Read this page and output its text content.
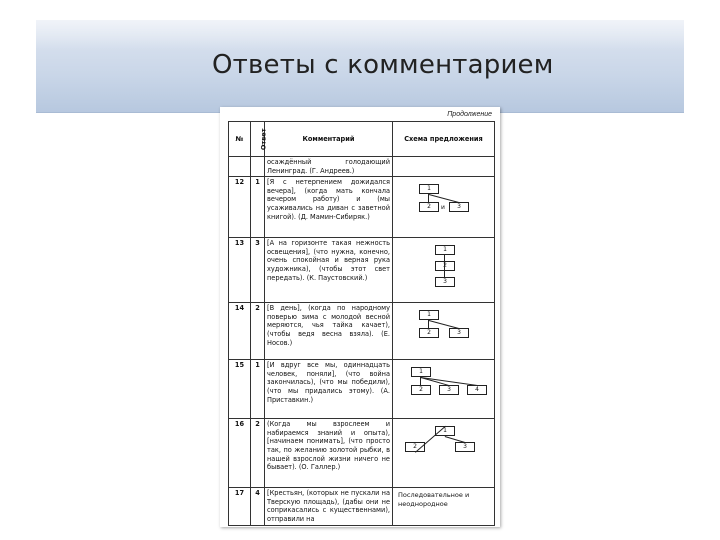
Ответы с комментарием
Продолжение
№	Ответ	Комментарий	Схема предложения
		осаждённый голодающий Ленинград. (Г. Андреев.)	
12	1	[Я с нетерпением дожидался вечера], (когда мать кончала вечером работу) и (мы усаживались на диван с заветной книгой). (Д. Мамин-Сибиряк.)	1
2 3
и

13	3	[А на горизонте такая нежность освещения], (что нужна, конечно, очень спокойная и верная рука художника), (чтобы этот свет передать). (К. Паустовский.)	1
2
3

14	2	[В день], (когда по народному поверью зима с молодой весной меряются, чья тайка качает), (чтобы ведя весна взяла). (Е. Носов.)	1
2 3

15	1	[И вдруг все мы, одиннадцать человек, поняли], (что война закончилась), (что мы победили), (что мы придались этому). (А. Приставкин.)	1
2 3 4

16	2	(Когда мы взрослеем и набираемся знаний и опыта), [начинаем понимать], (что просто так, по желанию золотой рыбки, в нашей взрослой жизни ничего не бывает). (О. Галлер.)	1
2 3

17	4	[Крестьян, (которых не пускали на Тверскую площадь), (дабы они не соприкасались с кущественнами), отправили на	Последовательное и неоднородное
